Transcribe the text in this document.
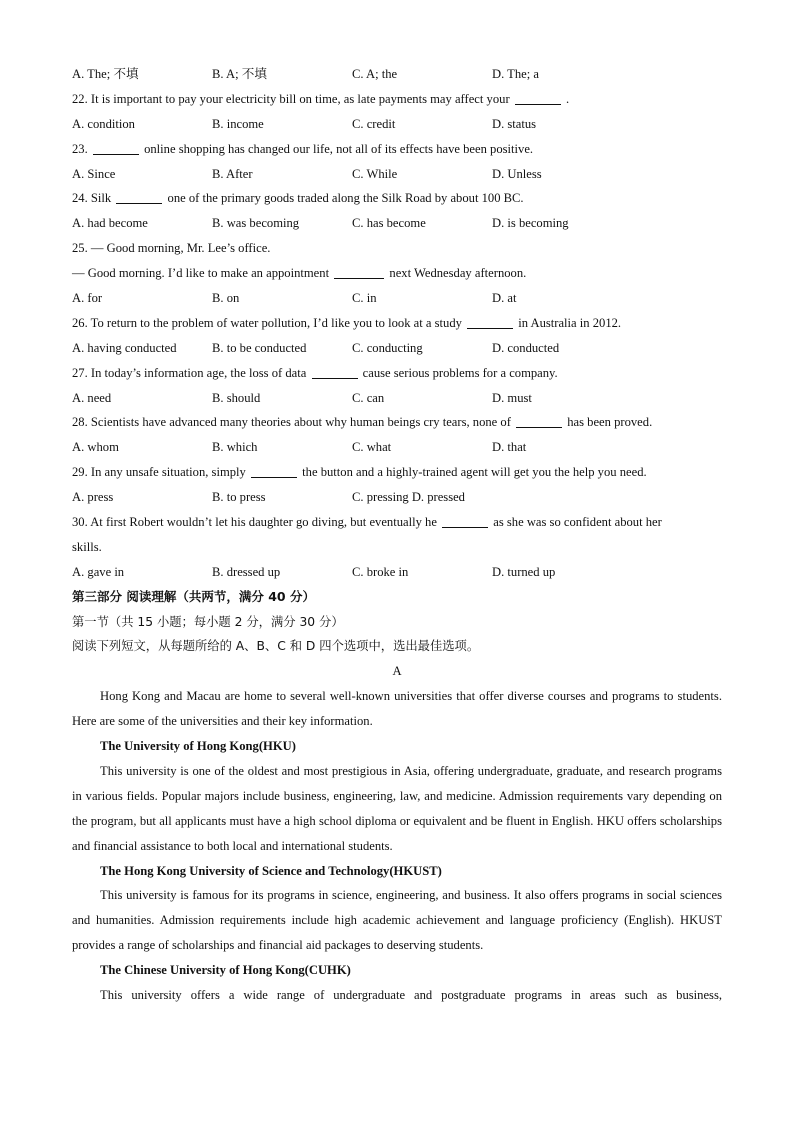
A. The; 不填	B. A; 不填	C. A; the	D. The; a
22. It is important to pay your electricity bill on time, as late payments may affect your	.
A. condition	B. income	C. credit	D. status
23.	online shopping has changed our life, not all of its effects have been positive.
A. Since	B. After	C. While	D. Unless
24. Silk	one of the primary goods traded along the Silk Road by about 100 BC.
A. had become	B. was becoming	C. has become	D. is becoming
25. — Good morning, Mr. Lee’s office.
— Good morning. I’d like to make an appointment	next Wednesday afternoon.
A. for	B. on	C. in	D. at
26. To return to the problem of water pollution, I’d like you to look at a study	in Australia in 2012.
A. having conducted	B. to be conducted	C. conducting	D. conducted
27. In today’s information age, the loss of data	cause serious problems for a company.
A. need	B. should	C. can	D. must
28. Scientists have advanced many theories about why human beings cry tears, none of	has been proved.
A. whom	B. which	C. what	D. that
29. In any unsafe situation, simply	the button and a highly-trained agent will get you the help you need.
A. press	B. to press	C. pressing D. pressed
30. At first Robert wouldn’t let his daughter go diving, but eventually he	as she was so confident about her
skills.
A. gave in	B. dressed up	C. broke in	D. turned up
第三部分 阅读理解（共两节，满分 40 分）
第一节（共 15 小题；每小题 2 分，满分 30 分）
阅读下列短文，从每题所给的 A、B、C 和 D 四个选项中，选出最佳选项。
A
Hong Kong and Macau are home to several well-known universities that offer diverse courses and programs to students. Here are some of the universities and their key information.
The University of Hong Kong(HKU)
This university is one of the oldest and most prestigious in Asia, offering undergraduate, graduate, and research programs in various fields. Popular majors include business, engineering, law, and medicine. Admission requirements vary depending on the program, but all applicants must have a high school diploma or equivalent and be fluent in English. HKU offers scholarships and financial assistance to both local and international students.
The Hong Kong University of Science and Technology(HKUST)
This university is famous for its programs in science, engineering, and business. It also offers programs in social sciences and humanities. Admission requirements include high academic achievement and language proficiency (English). HKUST provides a range of scholarships and financial aid packages to deserving students.
The Chinese University of Hong Kong(CUHK)
This university offers a wide range of undergraduate and postgraduate programs in areas such as business,
